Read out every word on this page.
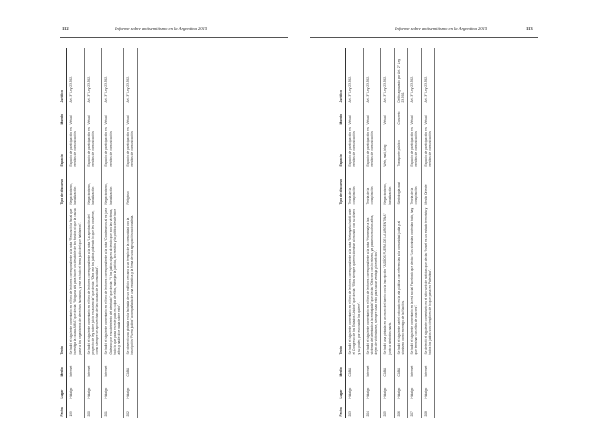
112	Informe sobre antisemitismo en la Argentina 2015
Fecha	Lugar	Medio	Texto	Tipo de discurso	Espacio	Mundo	Jurídico
199	Hidalgo	Internet	Se halló el siguiente comentario en el foro de lectores correspondiente a la nota “Renunció la fiscal que investiga la causa AMIA” que decía: “Ninguna ahi para hacer un desdoble de los fondos ni que la causa pase a los organismos de derechos humanos, y ese es todo el tema judio del que hablamos”.	Negacionismo, banalización	Espacio de participación en medios de comunicación	Virtual	Art. 3° Ley 23.592.
200	Hidalgo	Internet	Se halló el siguiente comentario en el foro de lectores correspondiente a la nota “La aprobación del proyecto de ley sobre juicio en ausencia” que decía: “Otra vez los judíos pidiendo lo que les conviene, como siempre se aprovechan de las causas de la comunidad”.	Negacionismo, banalización	Espacio de participación en medios de comunicación	Virtual	Art. 3° Ley 23.592.
201	Hidalgo	Internet	Se halló el siguiente comentario en el foro de lectores correspondiente a la nota “Condenaron al ex juez Galeano por encubrimiento del atentado” que decía: “Y los judíos siguen diciendo que son las víctimas, todo lo que pasa en este país es culpa de ellos, manejan la justicia, los medios y la política desde hace años y nadie dice nada sobre esto”.	Negacionismo, banalización	Espacio de participación en medios de comunicación	Virtual	Art. 3° Ley 23.592.
202	Hidalgo	CABA	Se observó una pintada en la fachada de un edificio cercano a un templo de la comunidad con la inscripción “Fuera judíos” acompañada de una esvástica y la firma de una agrupación nacionalista.	Religioso	Espacio de participación en medios de comunicación	Virtual	Art. 3° Ley 23.592.
Informe sobre antisemitismo en la Argentina 2015	113
Fecha	Lugar	Medio	Texto	Tipo de discurso	Espacio	Mundo	Jurídico
203	Hidalgo	CABA	Se halló el siguiente comentario en el foro de lectores correspondiente a la nota “Netanyahu habló ante el Congreso de los Estados Unidos” que decía: “Ellos siempre quieren dominar al mundo con su dinero y su poder, por eso nadie los quiere”.	Teoría de la conspiración	Espacio de participación en medios de comunicación	Virtual	Art. 3° Ley 23.592.
204	Hidalgo	Internet	Se halló el siguiente comentario en el foro de lectores correspondiente a la nota “Homenaje a las víctimas del atentado a la embajada” que decía: “Otra vez con lo mismo, ya pasaron muchos años, dejen de victimizarse, siempre usan esto para sacar ventaja y beneficios”.	Teoría de la conspiración	Espacio de participación en medios de comunicación	Virtual	Art. 3° Ley 23.592.
205	Hidalgo	CABA	Se halló una pintada en un muro del barrio con la inscripción “JUDÍOS FUERA DE LA ARGENTINA” junto a símbolos nazis.	Negacionismo, banalización	Web, mail, blog	Virtual	Art. 3° Ley 23.592.
206	Hidalgo	CABA	Se halló el siguiente cartel colocado en la vía pública con referencias a la comunidad judía y al sionismo como enemigo de la Nación.	Simbología nazi	Transporte público	Concreto	Delito agravado por Art. 2° Ley 23.592.
207	Hidalgo	Internet	Se halló el siguiente comentario en la red social Facebook que decía: “Los sionistas controlan todo, hay que terminar con ellos de una vez”.	Teoría de la conspiración	Espacio de participación en medios de comunicación	Virtual	Art. 3° Ley 23.592.
208	Hidalgo	Internet	Se detectó el siguiente comentario en el sitio web de noticias que decía: “Israel es un estado terrorista y todos los judíos son cómplices de lo que pasa en Palestina”.	Medio Oriente	Espacio de participación en medios de comunicación	Virtual	Art. 3° Ley 23.592.
